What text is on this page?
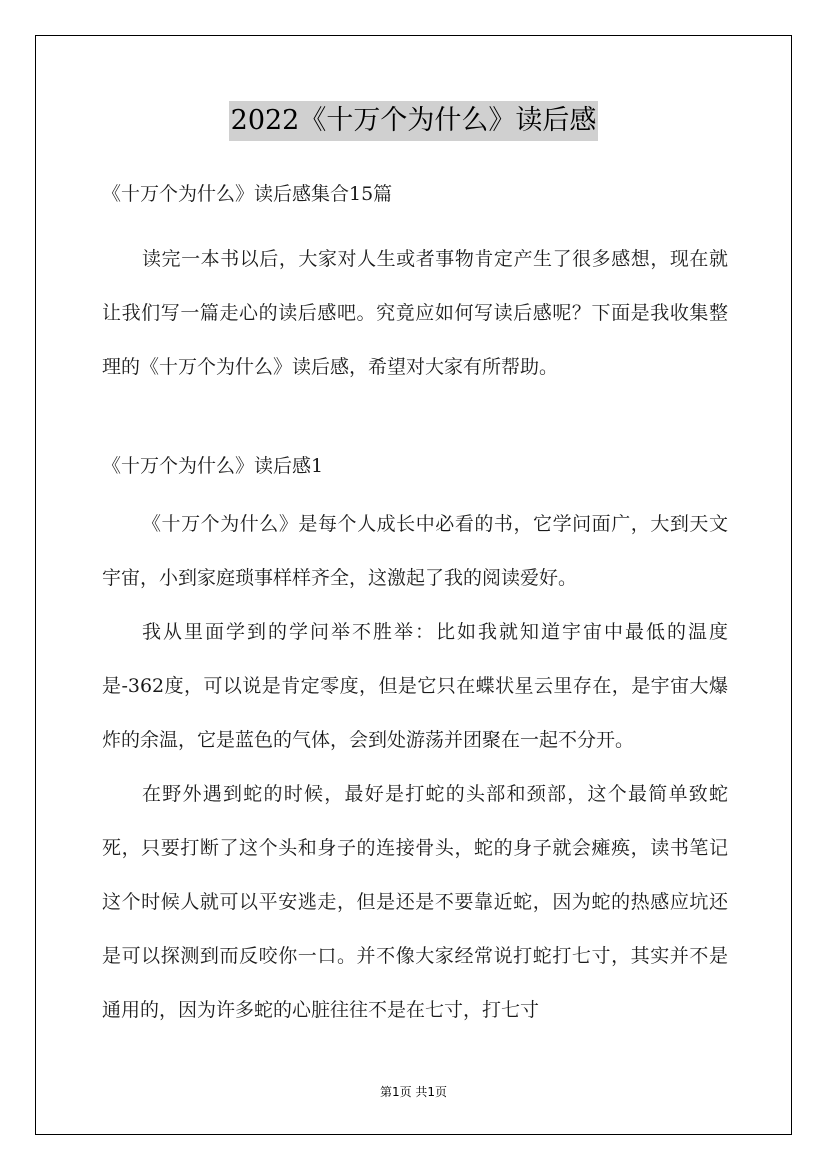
2022《十万个为什么》读后感

《十万个为什么》读后感集合15篇

读完一本书以后，大家对人生或者事物肯定产生了很多感想，现在就让我们写一篇走心的读后感吧。究竟应如何写读后感呢？下面是我收集整理的《十万个为什么》读后感，希望对大家有所帮助。

《十万个为什么》读后感1

《十万个为什么》是每个人成长中必看的书，它学问面广，大到天文宇宙，小到家庭琐事样样齐全，这激起了我的阅读爱好。

我从里面学到的学问举不胜举：比如我就知道宇宙中最低的温度是-362度，可以说是肯定零度，但是它只在蝶状星云里存在，是宇宙大爆炸的余温，它是蓝色的气体，会到处游荡并团聚在一起不分开。

在野外遇到蛇的时候，最好是打蛇的头部和颈部，这个最简单致蛇死，只要打断了这个头和身子的连接骨头，蛇的身子就会瘫痪，读书笔记这个时候人就可以平安逃走，但是还是不要靠近蛇，因为蛇的热感应坑还是可以探测到而反咬你一口。并不像大家经常说打蛇打七寸，其实并不是通用的，因为许多蛇的心脏往往不是在七寸，打七寸

第1页 共1页
